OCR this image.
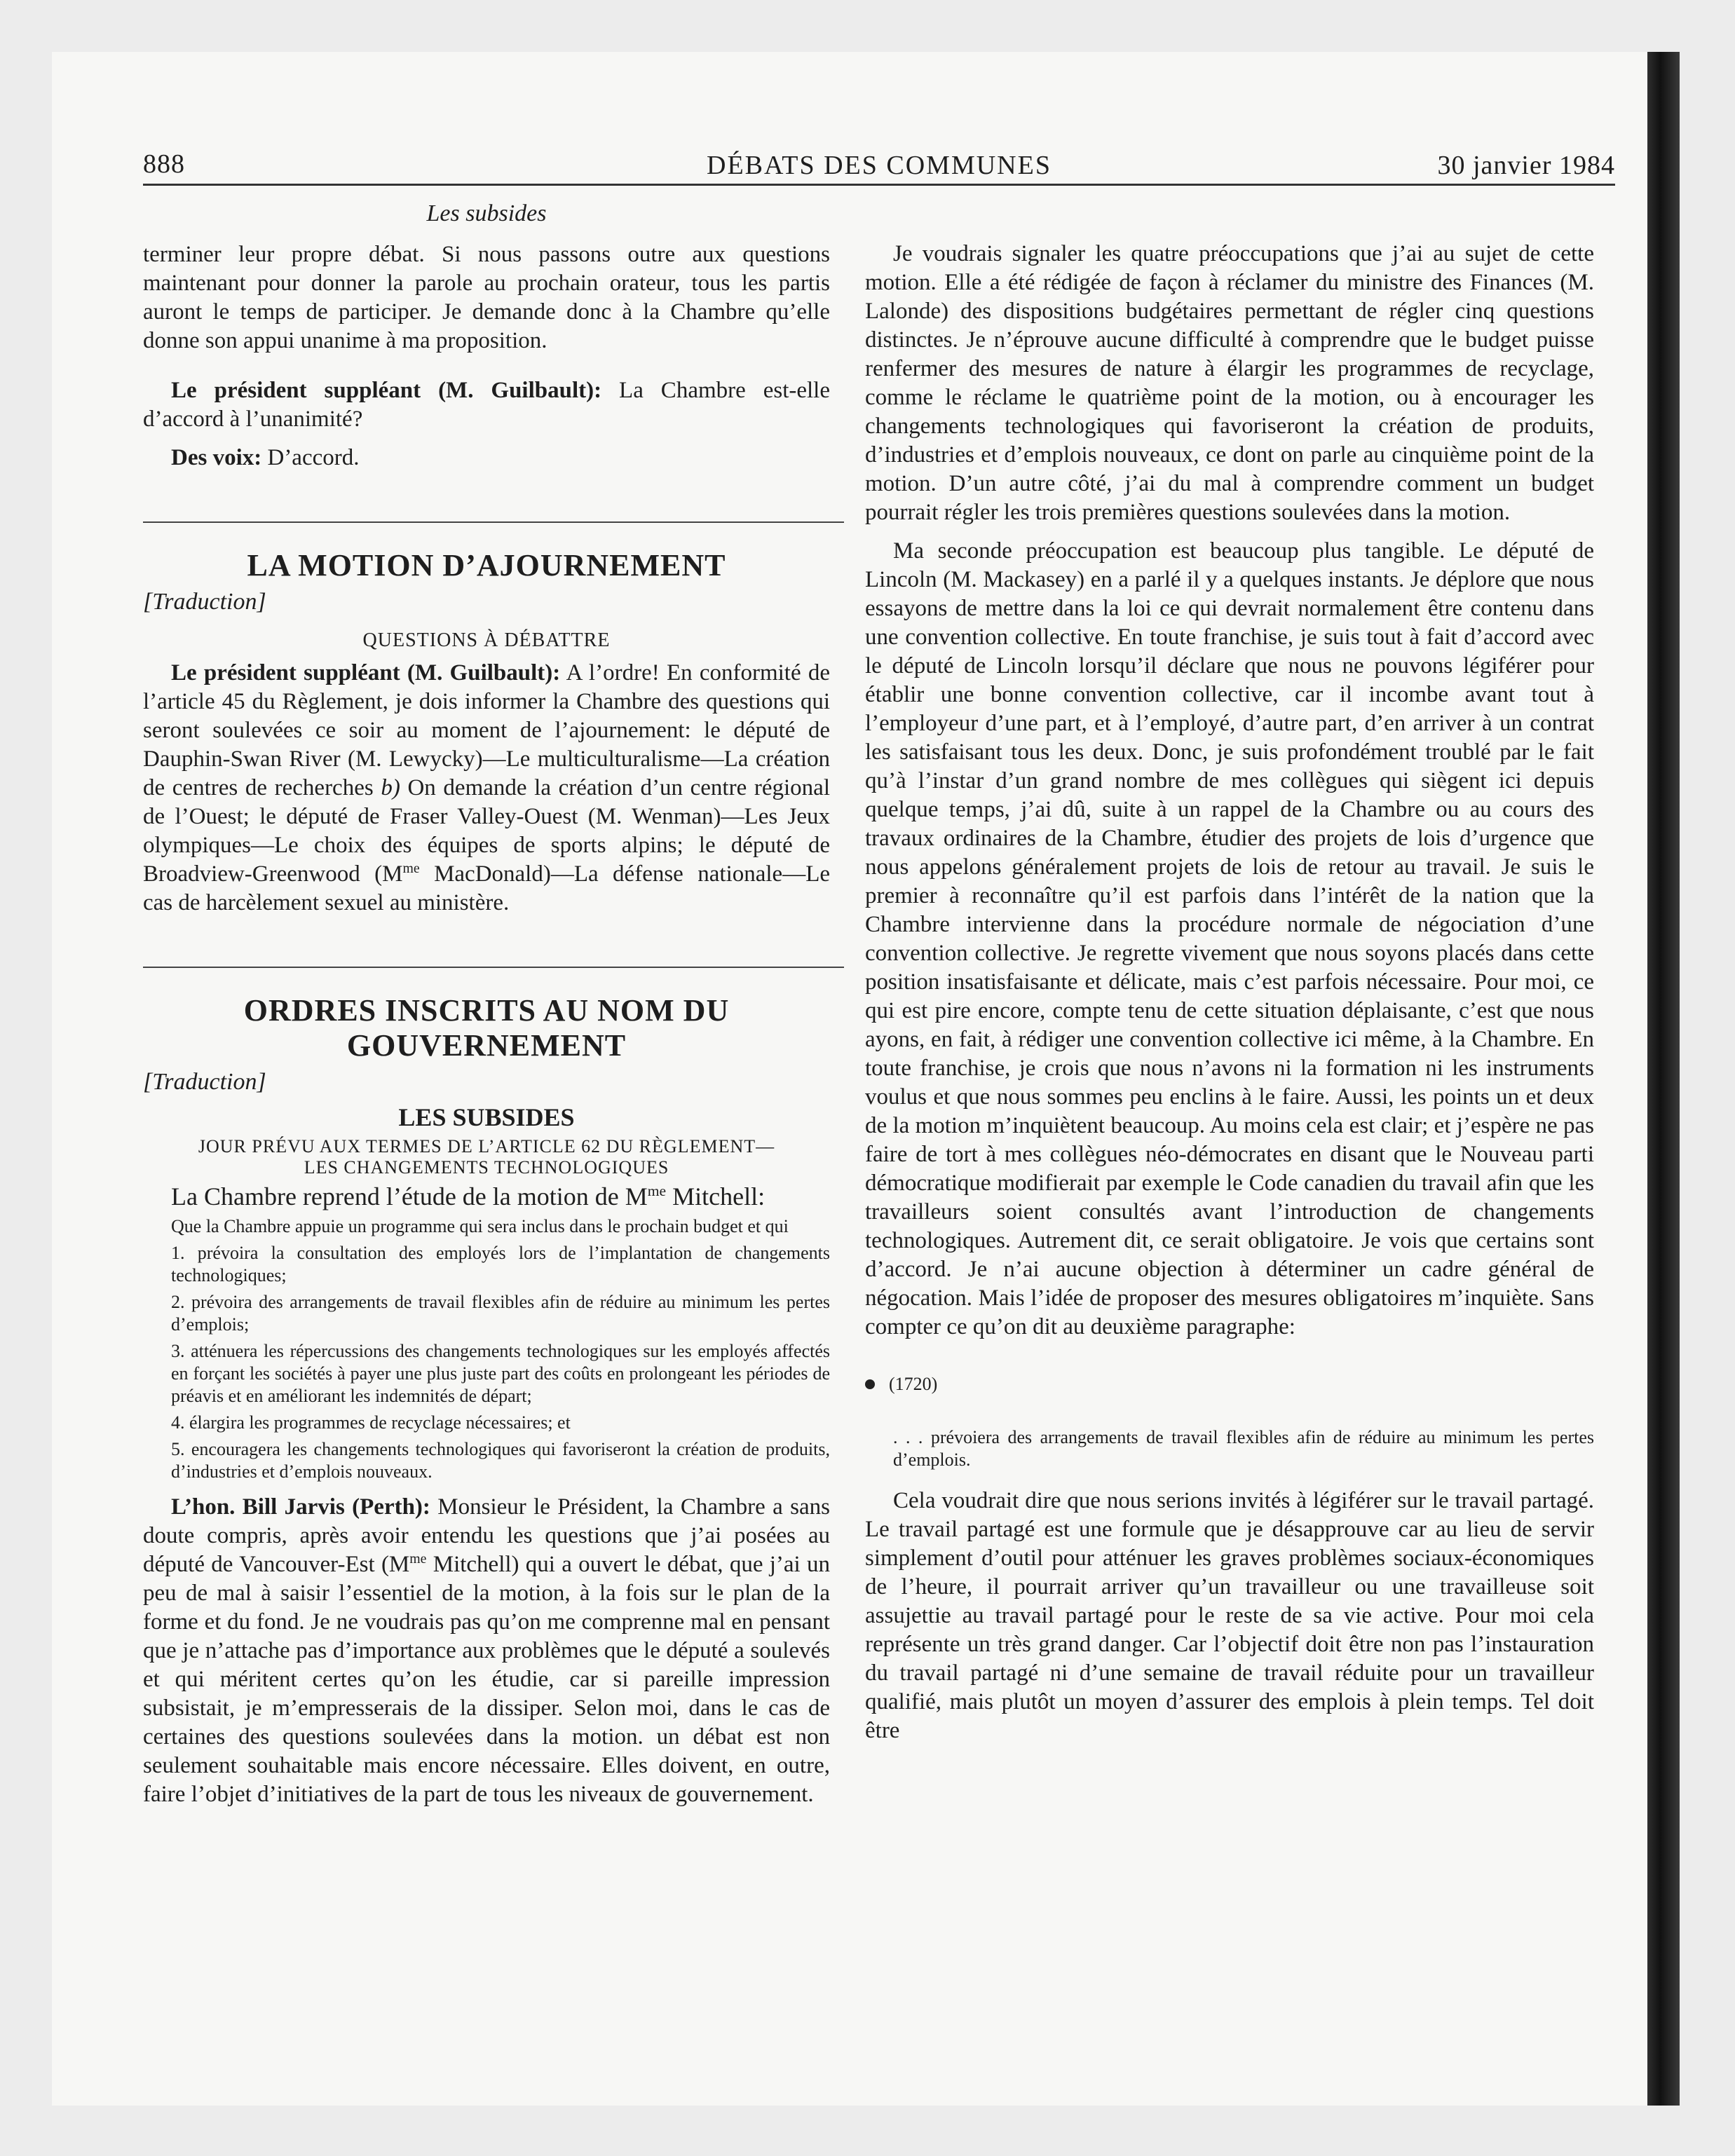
888	DÉBATS DES COMMUNES	30 janvier 1984
Les subsides

terminer leur propre débat. Si nous passons outre aux questions maintenant pour donner la parole au prochain orateur, tous les partis auront le temps de participer. Je demande donc à la Chambre qu’elle donne son appui unanime à ma proposition.

Le président suppléant (M. Guilbault): La Chambre est-elle d’accord à l’unanimité?

Des voix: D’accord.

LA MOTION D’AJOURNEMENT
[Traduction]
QUESTIONS À DÉBATTRE

Le président suppléant (M. Guilbault): A l’ordre! En conformité de l’article 45 du Règlement, je dois informer la Chambre des questions qui seront soulevées ce soir au moment de l’ajournement: le député de Dauphin-Swan River (M. Lewycky)—Le multiculturalisme—La création de centres de recherches b) On demande la création d’un centre régional de l’Ouest; le député de Fraser Valley-Ouest (M. Wenman)—Les Jeux olympiques—Le choix des équipes de sports alpins; le député de Broadview-Greenwood ($M^{me}$ MacDonald)—La défense nationale—Le cas de harcèlement sexuel au ministère.

ORDRES INSCRITS AU NOM DU
GOUVERNEMENT
[Traduction]
LES SUBSIDES
JOUR PRÉVU AUX TERMES DE L’ARTICLE 62 DU RÈGLEMENT—
LES CHANGEMENTS TECHNOLOGIQUES

La Chambre reprend l’étude de la motion de $M^{me}$ Mitchell:

Que la Chambre appuie un programme qui sera inclus dans le prochain budget et qui

1. prévoira la consultation des employés lors de l’implantation de changements technologiques;

2. prévoira des arrangements de travail flexibles afin de réduire au minimum les pertes d’emplois;

3. atténuera les répercussions des changements technologiques sur les employés affectés en forçant les sociétés à payer une plus juste part des coûts en prolongeant les périodes de préavis et en améliorant les indemnités de départ;

4. élargira les programmes de recyclage nécessaires; et

5. encouragera les changements technologiques qui favoriseront la création de produits, d’industries et d’emplois nouveaux.

L’hon. Bill Jarvis (Perth): Monsieur le Président, la Chambre a sans doute compris, après avoir entendu les questions que j’ai posées au député de Vancouver-Est ($M^{me}$ Mitchell) qui a ouvert le débat, que j’ai un peu de mal à saisir l’essentiel de la motion, à la fois sur le plan de la forme et du fond. Je ne voudrais pas qu’on me comprenne mal en pensant que je n’attache pas d’importance aux problèmes que le député a soulevés et qui méritent certes qu’on les étudie, car si pareille impression subsistait, je m’empresserais de la dissiper. Selon moi, dans le cas de certaines des questions soulevées dans la motion. un débat est non seulement souhaitable mais encore nécessaire. Elles doivent, en outre, faire l’objet d’initiatives de la part de tous les niveaux de gouvernement.

Je voudrais signaler les quatre préoccupations que j’ai au sujet de cette motion. Elle a été rédigée de façon à réclamer du ministre des Finances (M. Lalonde) des dispositions budgétaires permettant de régler cinq questions distinctes. Je n’éprouve aucune difficulté à comprendre que le budget puisse renfermer des mesures de nature à élargir les programmes de recyclage, comme le réclame le quatrième point de la motion, ou à encourager les changements technologiques qui favoriseront la création de produits, d’industries et d’emplois nouveaux, ce dont on parle au cinquième point de la motion. D’un autre côté, j’ai du mal à comprendre comment un budget pourrait régler les trois premières questions soulevées dans la motion.

Ma seconde préoccupation est beaucoup plus tangible. Le député de Lincoln (M. Mackasey) en a parlé il y a quelques instants. Je déplore que nous essayons de mettre dans la loi ce qui devrait normalement être contenu dans une convention collective. En toute franchise, je suis tout à fait d’accord avec le député de Lincoln lorsqu’il déclare que nous ne pouvons légiférer pour établir une bonne convention collective, car il incombe avant tout à l’employeur d’une part, et à l’employé, d’autre part, d’en arriver à un contrat les satisfaisant tous les deux. Donc, je suis profondément troublé par le fait qu’à l’instar d’un grand nombre de mes collègues qui siègent ici depuis quelque temps, j’ai dû, suite à un rappel de la Chambre ou au cours des travaux ordinaires de la Chambre, étudier des projets de lois d’urgence que nous appelons généralement projets de lois de retour au travail. Je suis le premier à reconnaître qu’il est parfois dans l’intérêt de la nation que la Chambre intervienne dans la procédure normale de négociation d’une convention collective. Je regrette vivement que nous soyons placés dans cette position insatisfaisante et délicate, mais c’est parfois nécessaire. Pour moi, ce qui est pire encore, compte tenu de cette situation déplaisante, c’est que nous ayons, en fait, à rédiger une convention collective ici même, à la Chambre. En toute franchise, je crois que nous n’avons ni la formation ni les instruments voulus et que nous sommes peu enclins à le faire. Aussi, les points un et deux de la motion m’inquiètent beaucoup. Au moins cela est clair; et j’espère ne pas faire de tort à mes collègues néo-démocrates en disant que le Nouveau parti démocratique modifierait par exemple le Code canadien du travail afin que les travailleurs soient consultés avant l’introduction de changements technologiques. Autrement dit, ce serait obligatoire. Je vois que certains sont d’accord. Je n’ai aucune objection à déterminer un cadre général de négocation. Mais l’idée de proposer des mesures obligatoires m’inquiète. Sans compter ce qu’on dit au deuxième paragraphe:

(1720)

. . . prévoiera des arrangements de travail flexibles afin de réduire au minimum les pertes d’emplois.

Cela voudrait dire que nous serions invités à légiférer sur le travail partagé. Le travail partagé est une formule que je désapprouve car au lieu de servir simplement d’outil pour atténuer les graves problèmes sociaux-économiques de l’heure, il pourrait arriver qu’un travailleur ou une travailleuse soit assujettie au travail partagé pour le reste de sa vie active. Pour moi cela représente un très grand danger. Car l’objectif doit être non pas l’instauration du travail partagé ni d’une semaine de travail réduite pour un travailleur qualifié, mais plutôt un moyen d’assurer des emplois à plein temps. Tel doit être
